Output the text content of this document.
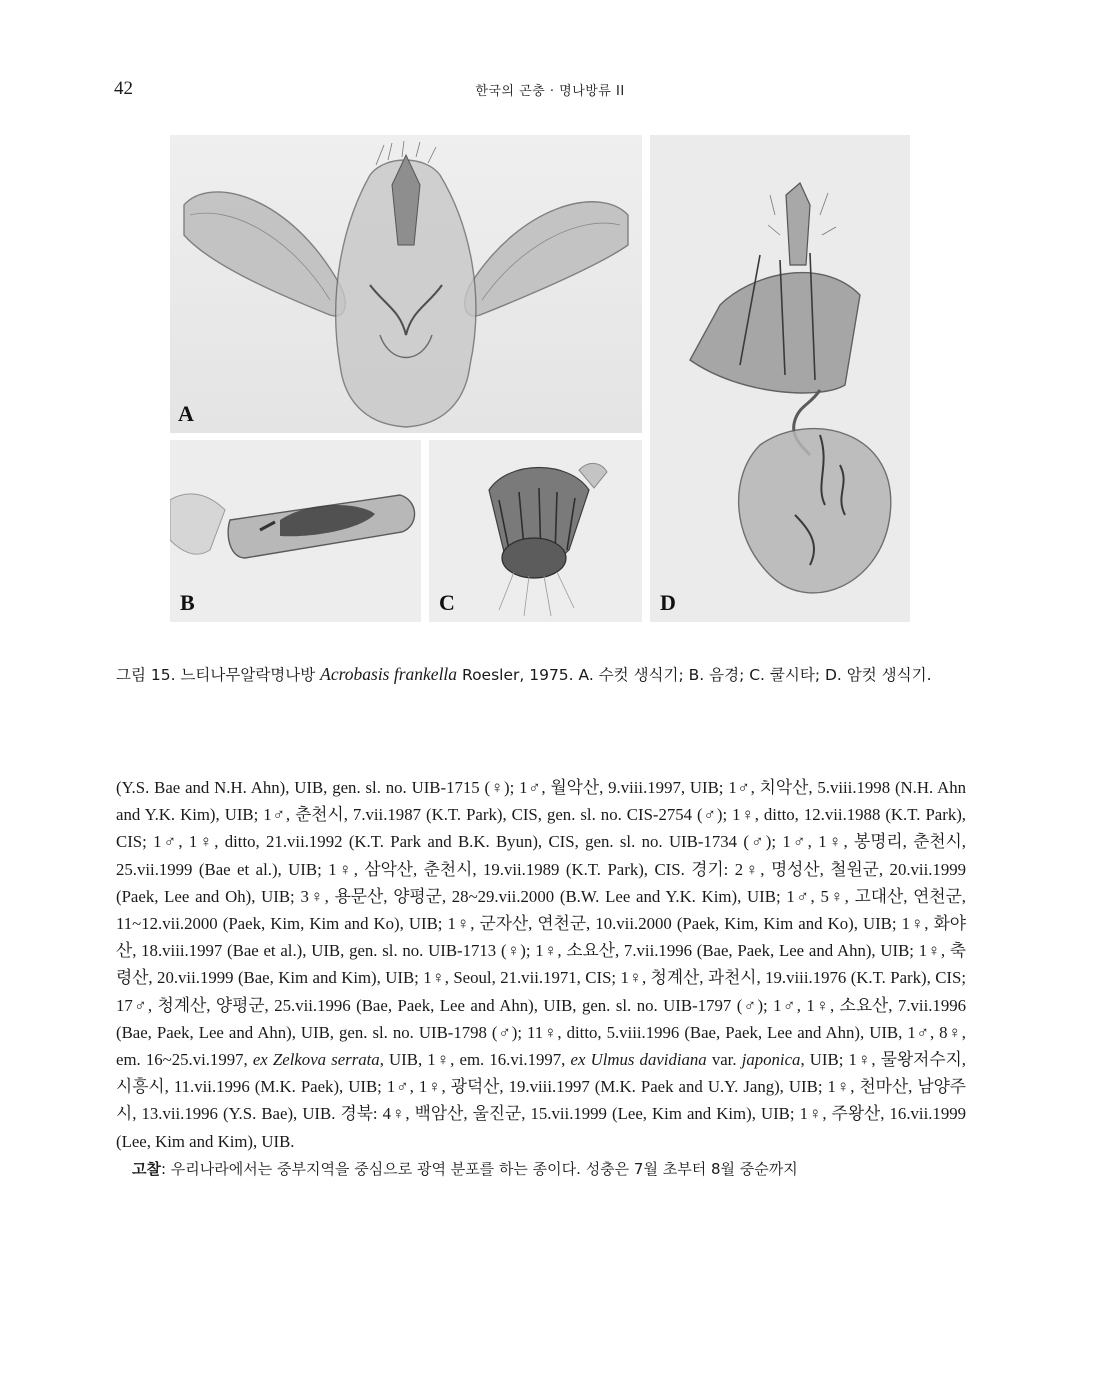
42	한국의 곤충 · 명나방류 II
A
B	C	D
그림 15. 느티나무알락명나방 Acrobasis frankella Roesler, 1975. A. 수컷 생식기; B. 음경; C. 쿨시타; D. 암컷 생식기.

(Y.S. Bae and N.H. Ahn), UIB, gen. sl. no. UIB-1715 (♀); 1♂, 월악산, 9.viii.1997, UIB; 1♂, 치악산, 5.viii.1998 (N.H. Ahn and Y.K. Kim), UIB; 1♂, 춘천시, 7.vii.1987 (K.T. Park), CIS, gen. sl. no. CIS-2754 (♂); 1♀, ditto, 12.vii.1988 (K.T. Park), CIS; 1♂, 1♀, ditto, 21.vii.1992 (K.T. Park and B.K. Byun), CIS, gen. sl. no. UIB-1734 (♂); 1♂, 1♀, 봉명리, 춘천시, 25.vii.1999 (Bae et al.), UIB; 1♀, 삼악산, 춘천시, 19.vii.1989 (K.T. Park), CIS. 경기: 2♀, 명성산, 철원군, 20.vii.1999 (Paek, Lee and Oh), UIB; 3♀, 용문산, 양평군, 28~29.vii.2000 (B.W. Lee and Y.K. Kim), UIB; 1♂, 5♀, 고대산, 연천군, 11~12.vii.2000 (Paek, Kim, Kim and Ko), UIB; 1♀, 군자산, 연천군, 10.vii.2000 (Paek, Kim, Kim and Ko), UIB; 1♀, 화야산, 18.viii.1997 (Bae et al.), UIB, gen. sl. no. UIB-1713 (♀); 1♀, 소요산, 7.vii.1996 (Bae, Paek, Lee and Ahn), UIB; 1♀, 축령산, 20.vii.1999 (Bae, Kim and Kim), UIB; 1♀, Seoul, 21.vii.1971, CIS; 1♀, 청계산, 과천시, 19.viii.1976 (K.T. Park), CIS; 17♂, 청계산, 양평군, 25.vii.1996 (Bae, Paek, Lee and Ahn), UIB, gen. sl. no. UIB-1797 (♂); 1♂, 1♀, 소요산, 7.vii.1996 (Bae, Paek, Lee and Ahn), UIB, gen. sl. no. UIB-1798 (♂); 11♀, ditto, 5.viii.1996 (Bae, Paek, Lee and Ahn), UIB, 1♂, 8♀, em. 16~25.vi.1997, ex Zelkova serrata, UIB, 1♀, em. 16.vi.1997, ex Ulmus davidiana var. japonica, UIB; 1♀, 물왕저수지, 시흥시, 11.vii.1996 (M.K. Paek), UIB; 1♂, 1♀, 광덕산, 19.viii.1997 (M.K. Paek and U.Y. Jang), UIB; 1♀, 천마산, 남양주시, 13.vii.1996 (Y.S. Bae), UIB. 경북: 4♀, 백암산, 울진군, 15.vii.1999 (Lee, Kim and Kim), UIB; 1♀, 주왕산, 16.vii.1999 (Lee, Kim and Kim), UIB.

고찰: 우리나라에서는 중부지역을 중심으로 광역 분포를 하는 종이다. 성충은 7월 초부터 8월 중순까지
